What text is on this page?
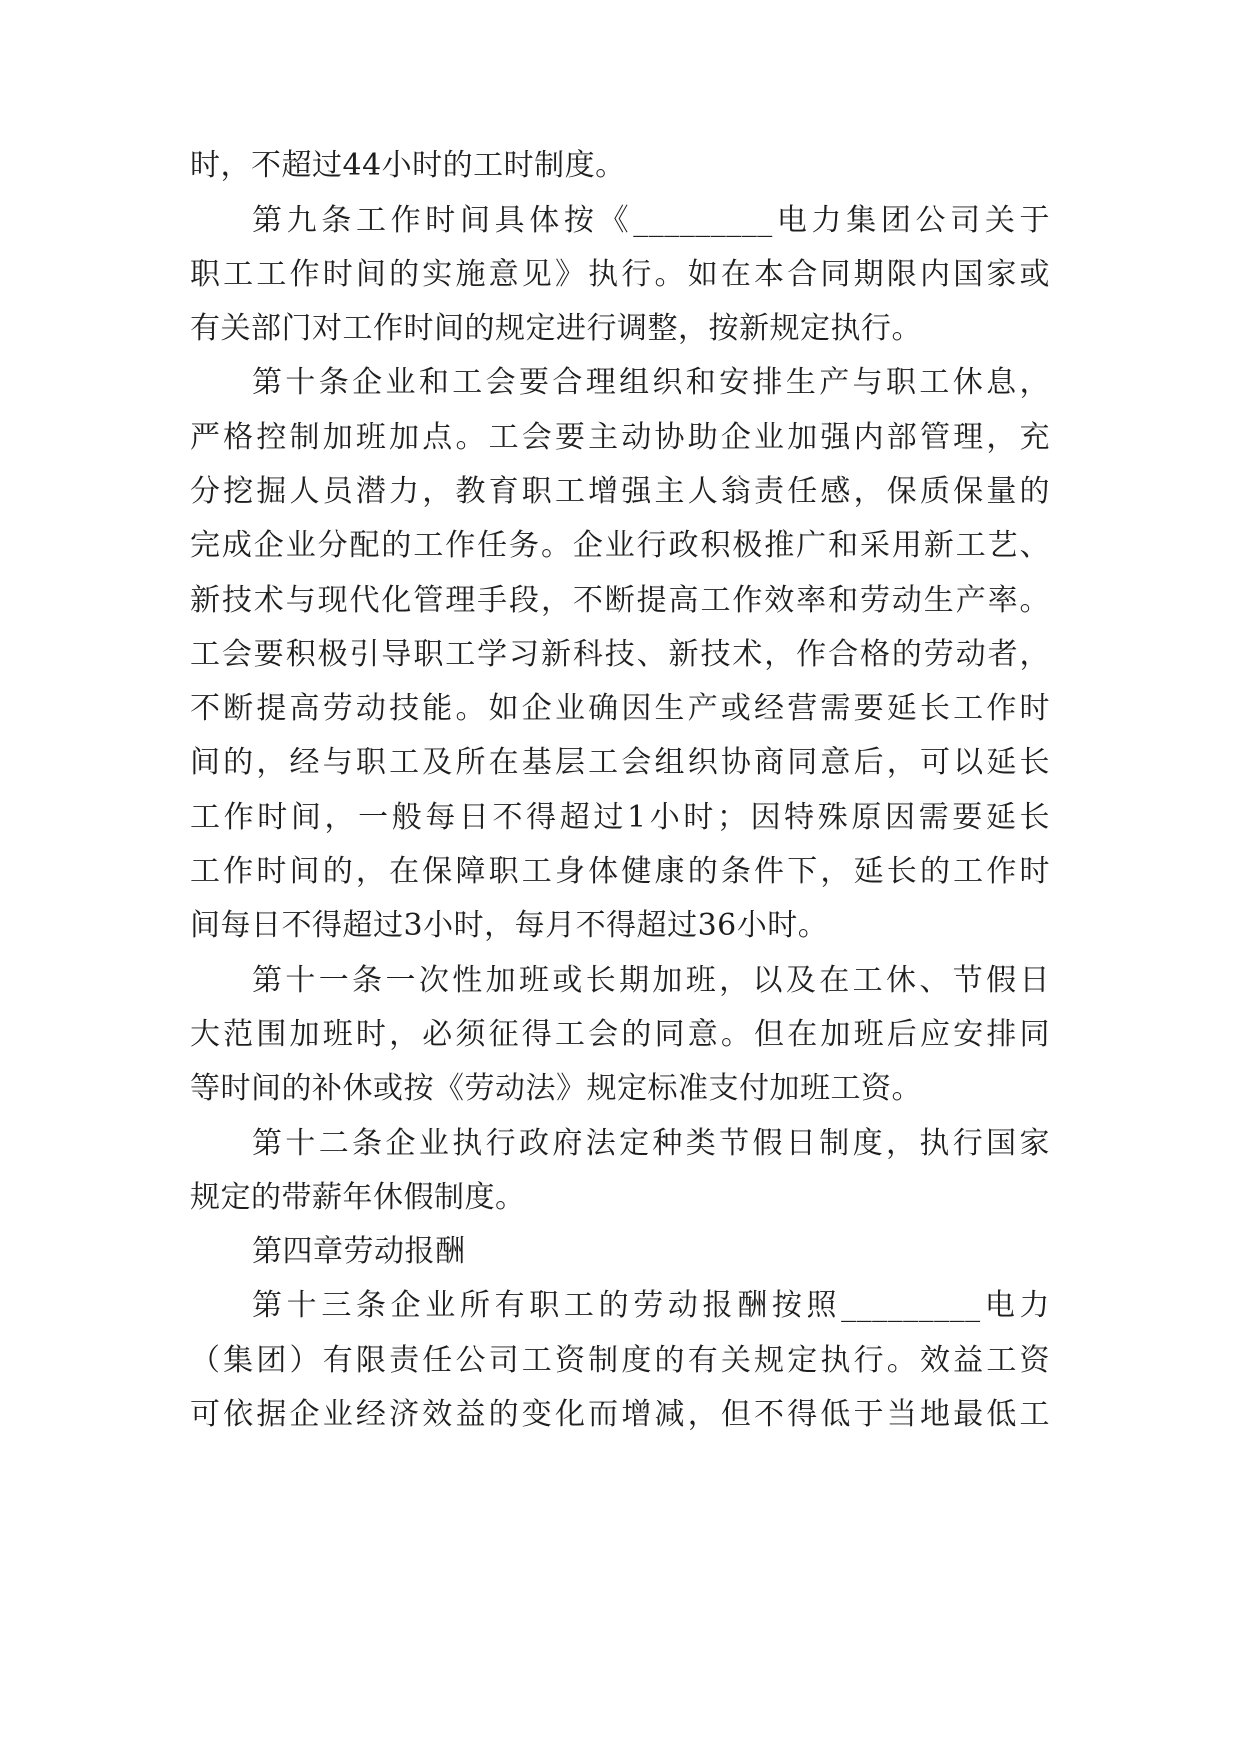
时，不超过44小时的工时制度。
第九条工作时间具体按《_________电力集团公司关于
职工工作时间的实施意见》执行。如在本合同期限内国家或
有关部门对工作时间的规定进行调整，按新规定执行。
第十条企业和工会要合理组织和安排生产与职工休息，
严格控制加班加点。工会要主动协助企业加强内部管理，充
分挖掘人员潜力，教育职工增强主人翁责任感，保质保量的
完成企业分配的工作任务。企业行政积极推广和采用新工艺、
新技术与现代化管理手段，不断提高工作效率和劳动生产率。
工会要积极引导职工学习新科技、新技术，作合格的劳动者，
不断提高劳动技能。如企业确因生产或经营需要延长工作时
间的，经与职工及所在基层工会组织协商同意后，可以延长
工作时间，一般每日不得超过1小时；因特殊原因需要延长
工作时间的，在保障职工身体健康的条件下，延长的工作时
间每日不得超过3小时，每月不得超过36小时。
第十一条一次性加班或长期加班，以及在工休、节假日
大范围加班时，必须征得工会的同意。但在加班后应安排同
等时间的补休或按《劳动法》规定标准支付加班工资。
第十二条企业执行政府法定种类节假日制度，执行国家
规定的带薪年休假制度。
第四章劳动报酬
第十三条企业所有职工的劳动报酬按照_________电力
（集团）有限责任公司工资制度的有关规定执行。效益工资
可依据企业经济效益的变化而增减，但不得低于当地最低工
